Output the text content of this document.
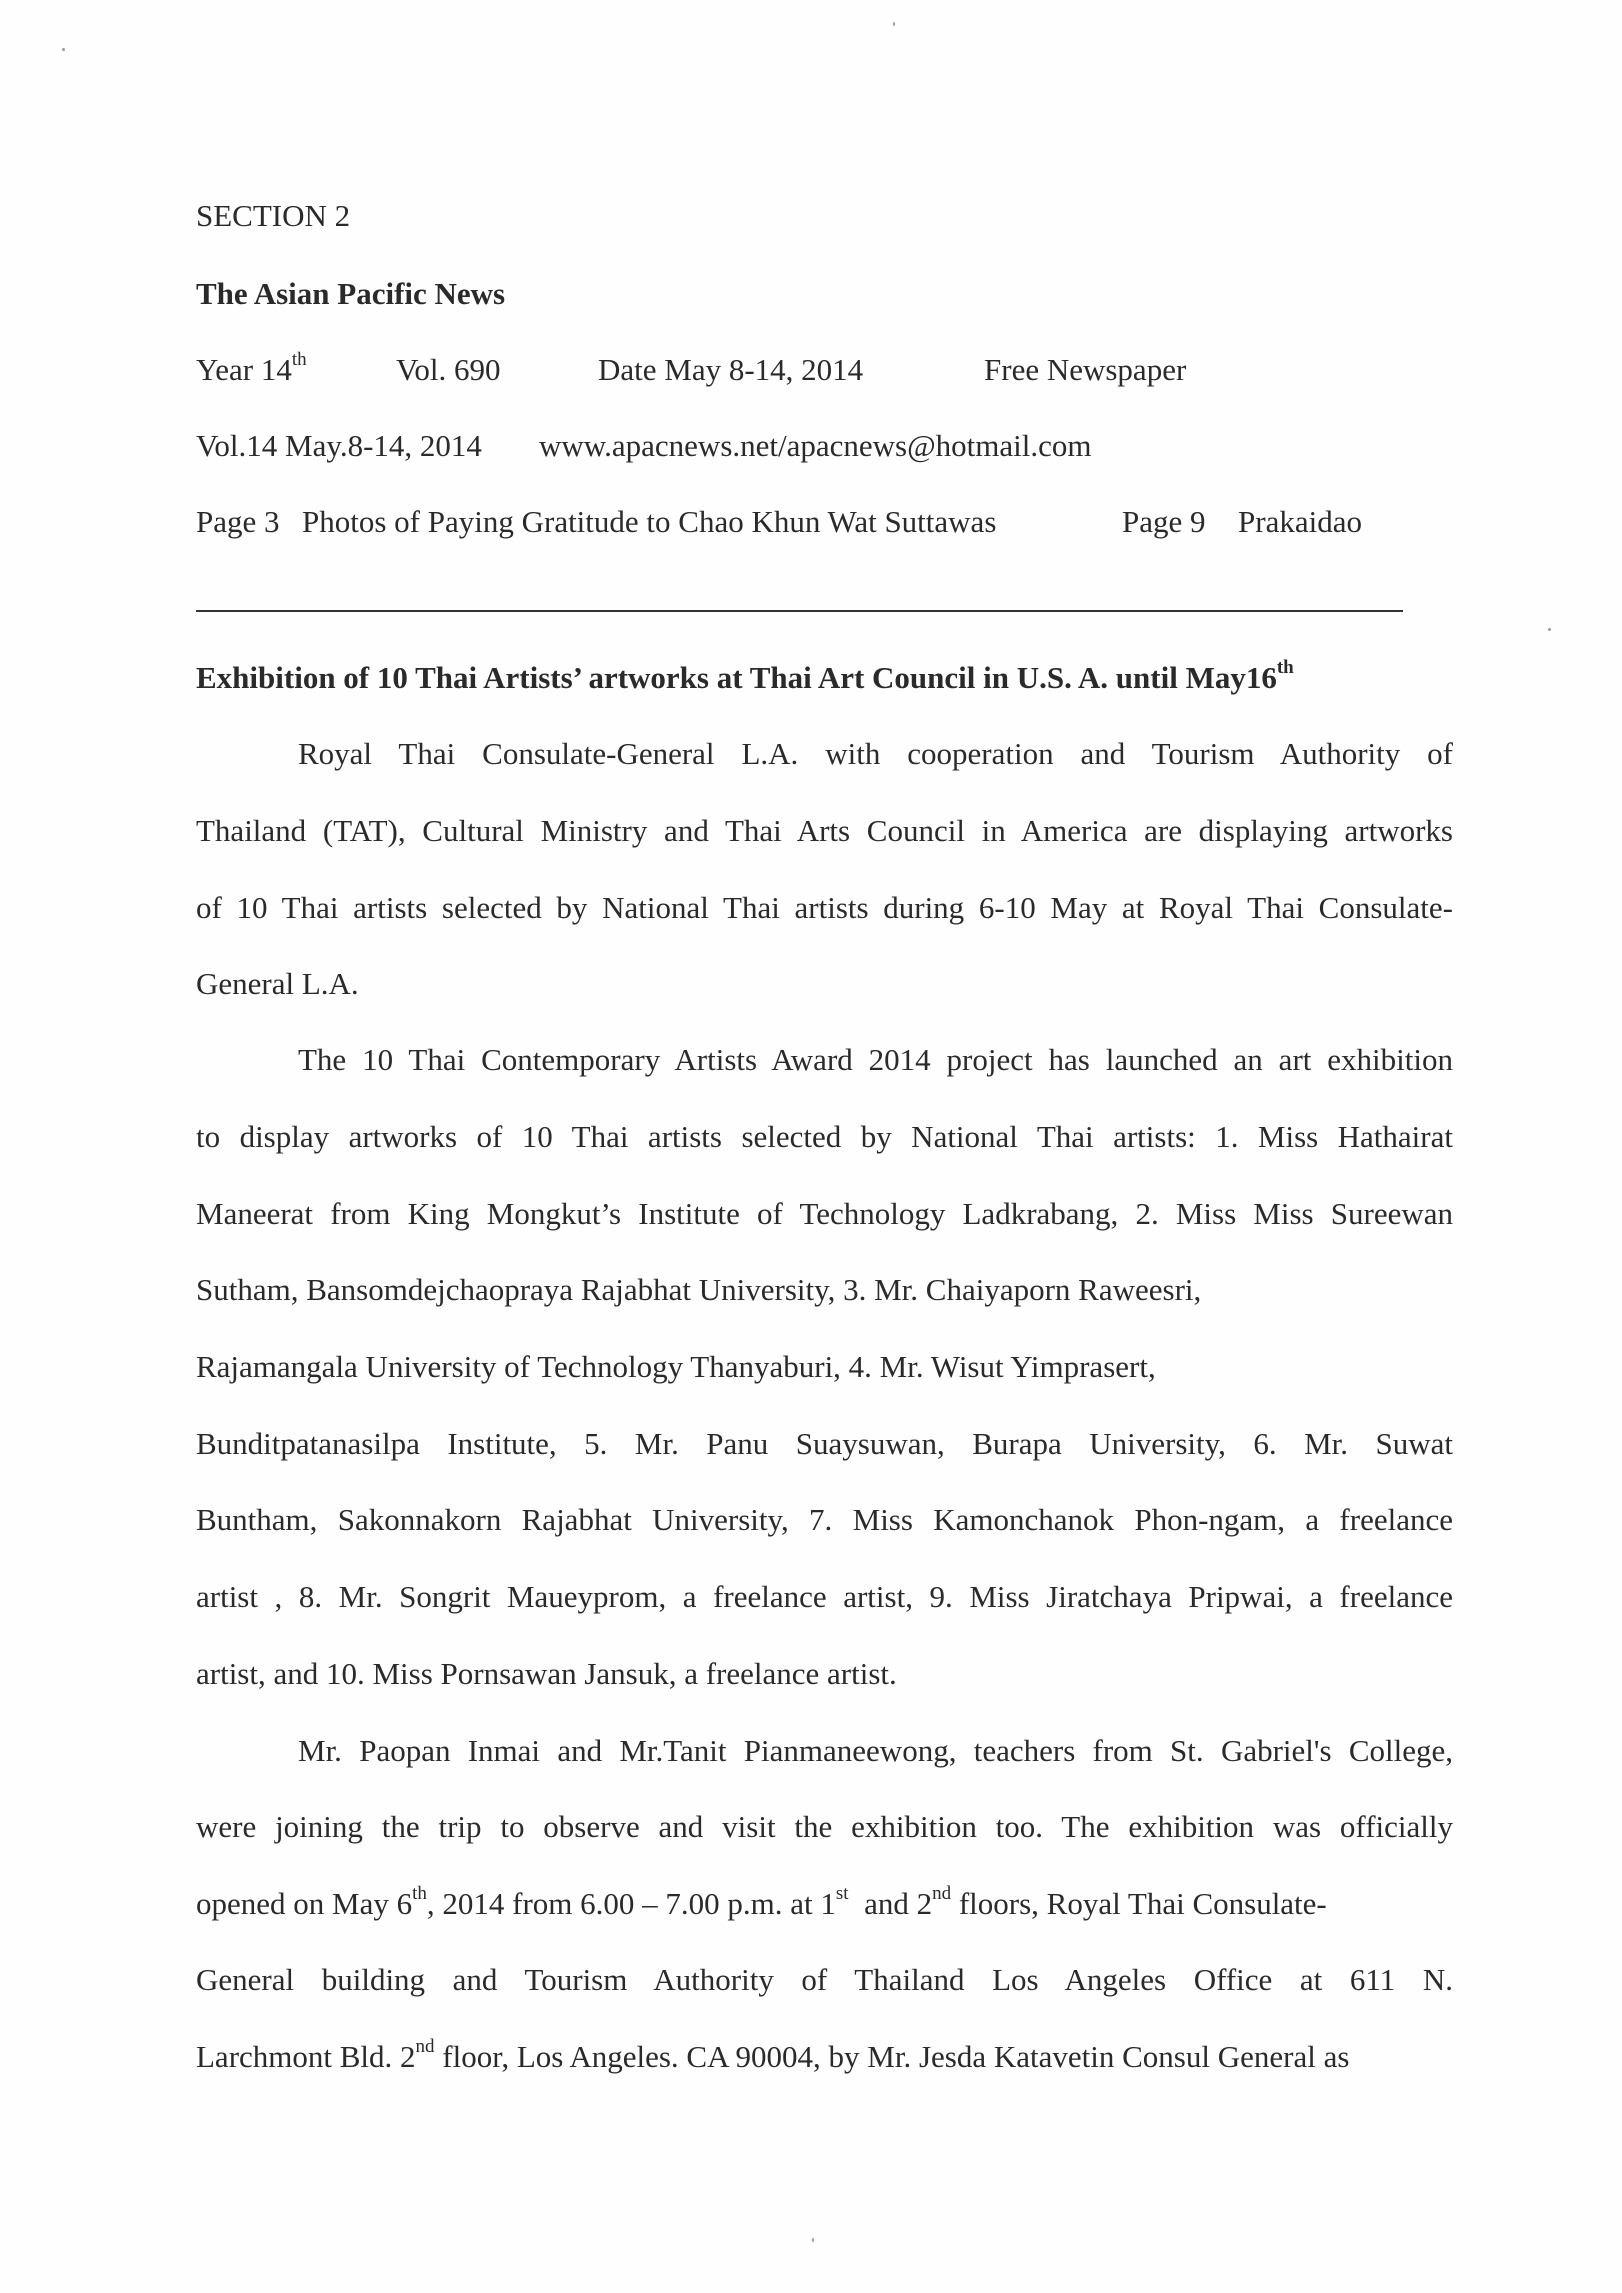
SECTION 2
The Asian Pacific News
Year 14th	Vol. 690	Date May 8-14, 2014	Free Newspaper
Vol.14 May.8-14, 2014 www.apacnews.net/apacnews@hotmail.com
Page 3 Photos of Paying Gratitude to Chao Khun Wat Suttawas	Page 9 Prakaidao
Exhibition of 10 Thai Artists’ artworks at Thai Art Council in U.S. A. until May16th
Royal Thai Consulate-General L.A. with cooperation and Tourism Authority of
Thailand (TAT), Cultural Ministry and Thai Arts Council in America are displaying artworks
of 10 Thai artists selected by National Thai artists during 6-10 May at Royal Thai Consulate-
General L.A.
The 10 Thai Contemporary Artists Award 2014 project has launched an art exhibition
to display artworks of 10 Thai artists selected by National Thai artists: 1. Miss Hathairat
Maneerat from King Mongkut’s Institute of Technology Ladkrabang, 2. Miss Miss Sureewan
Sutham, Bansomdejchaopraya Rajabhat University, 3. Mr. Chaiyaporn Raweesri,
Rajamangala University of Technology Thanyaburi, 4. Mr. Wisut Yimprasert,
Bunditpatanasilpa Institute, 5. Mr. Panu Suaysuwan, Burapa University, 6. Mr. Suwat
Buntham, Sakonnakorn Rajabhat University, 7. Miss Kamonchanok Phon-ngam, a freelance
artist , 8. Mr. Songrit Maueyprom, a freelance artist, 9. Miss Jiratchaya Pripwai, a freelance
artist, and 10. Miss Pornsawan Jansuk, a freelance artist.
Mr. Paopan Inmai and Mr.Tanit Pianmaneewong, teachers from St. Gabriel's College,
were joining the trip to observe and visit the exhibition too. The exhibition was officially
opened on May 6th, 2014 from 6.00 – 7.00 p.m. at 1st  and 2nd floors, Royal Thai Consulate-
General building and Tourism Authority of Thailand Los Angeles Office at 611 N.
Larchmont Bld. 2nd floor, Los Angeles. CA 90004, by Mr. Jesda Katavetin Consul General as
